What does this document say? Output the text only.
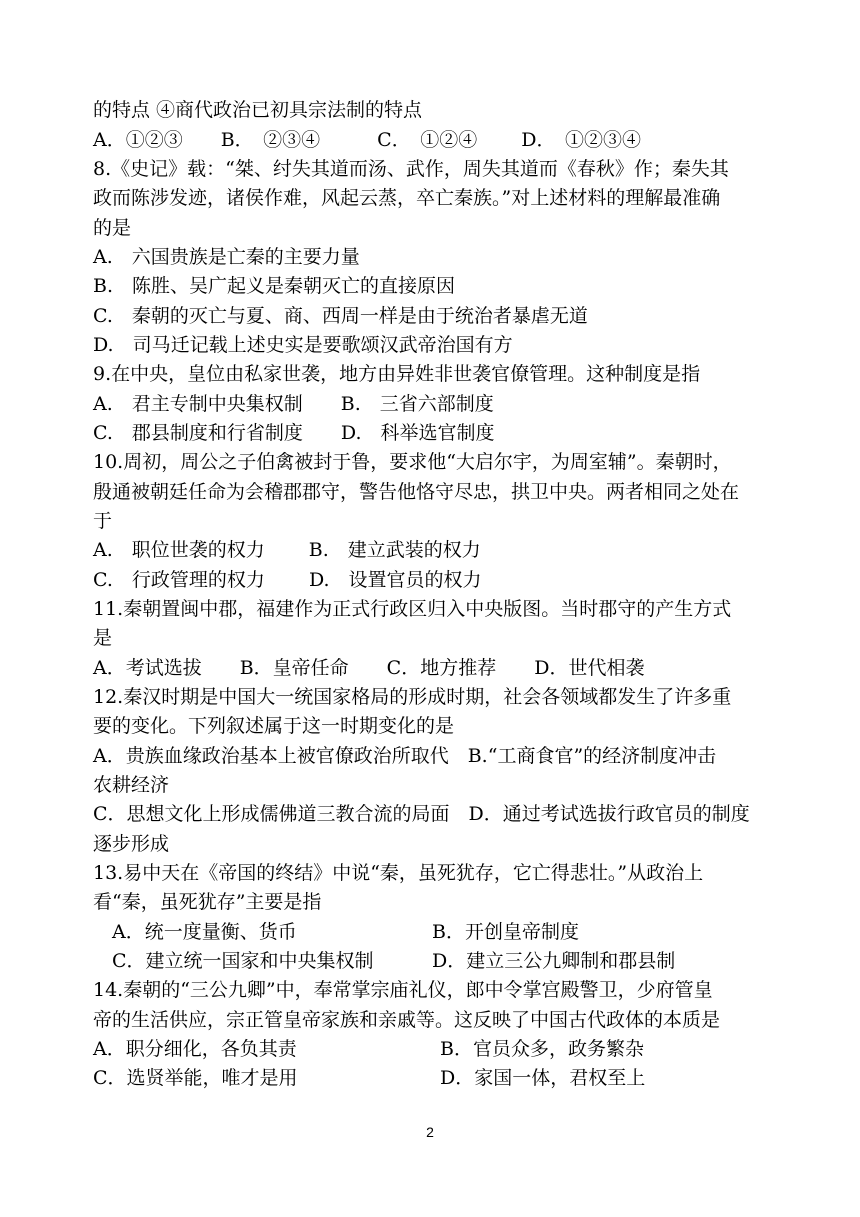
的特点 ④商代政治已初具宗法制的特点
A．①②③　　B．　②③④　　　C．　①②④　　 D．　①②③④
8.《史记》载：“桀、纣失其道而汤、武作，周失其道而《春秋》作；秦失其
政而陈涉发迹，诸侯作难，风起云蒸，卒亡秦族。”对上述材料的理解最准确
的是
A.　六国贵族是亡秦的主要力量
B.　陈胜、吴广起义是秦朝灭亡的直接原因
C.　秦朝的灭亡与夏、商、西周一样是由于统治者暴虐无道
D.　司马迁记载上述史实是要歌颂汉武帝治国有方
9.在中央，皇位由私家世袭，地方由异姓非世袭官僚管理。这种制度是指
A.　君主专制中央集权制　　B.　三省六部制度
C.　郡县制度和行省制度　　D.　科举选官制度
10.周初，周公之子伯禽被封于鲁，要求他“大启尔宇，为周室辅”。秦朝时，
殷通被朝廷任命为会稽郡郡守，警告他恪守尽忠，拱卫中央。两者相同之处在
于
A.　职位世袭的权力　　 B.　建立武装的权力
C.　行政管理的权力　　 D.　设置官员的权力
11.秦朝置闽中郡，福建作为正式行政区归入中央版图。当时郡守的产生方式
是
A．考试选拔　　B．皇帝任命　　C．地方推荐　　D．世代相袭
12.秦汉时期是中国大一统国家格局的形成时期，社会各领域都发生了许多重
要的变化。下列叙述属于这一时期变化的是
A．贵族血缘政治基本上被官僚政治所取代　B.“工商食官”的经济制度冲击
农耕经济
C．思想文化上形成儒佛道三教合流的局面　D．通过考试选拔行政官员的制度
逐步形成
13.易中天在《帝国的终结》中说“秦，虽死犹存，它亡得悲壮。”从政治上
看“秦，虽死犹存”主要是指
A．统一度量衡、货币	B．开创皇帝制度
C．建立统一国家和中央集权制	D．建立三公九卿制和郡县制
14.秦朝的“三公九卿”中，奉常掌宗庙礼仪，郎中令掌宫殿警卫，少府管皇
帝的生活供应，宗正管皇帝家族和亲戚等。这反映了中国古代政体的本质是
A．职分细化，各负其责	B．官员众多，政务繁杂
C．选贤举能，唯才是用	D．家国一体，君权至上
2
